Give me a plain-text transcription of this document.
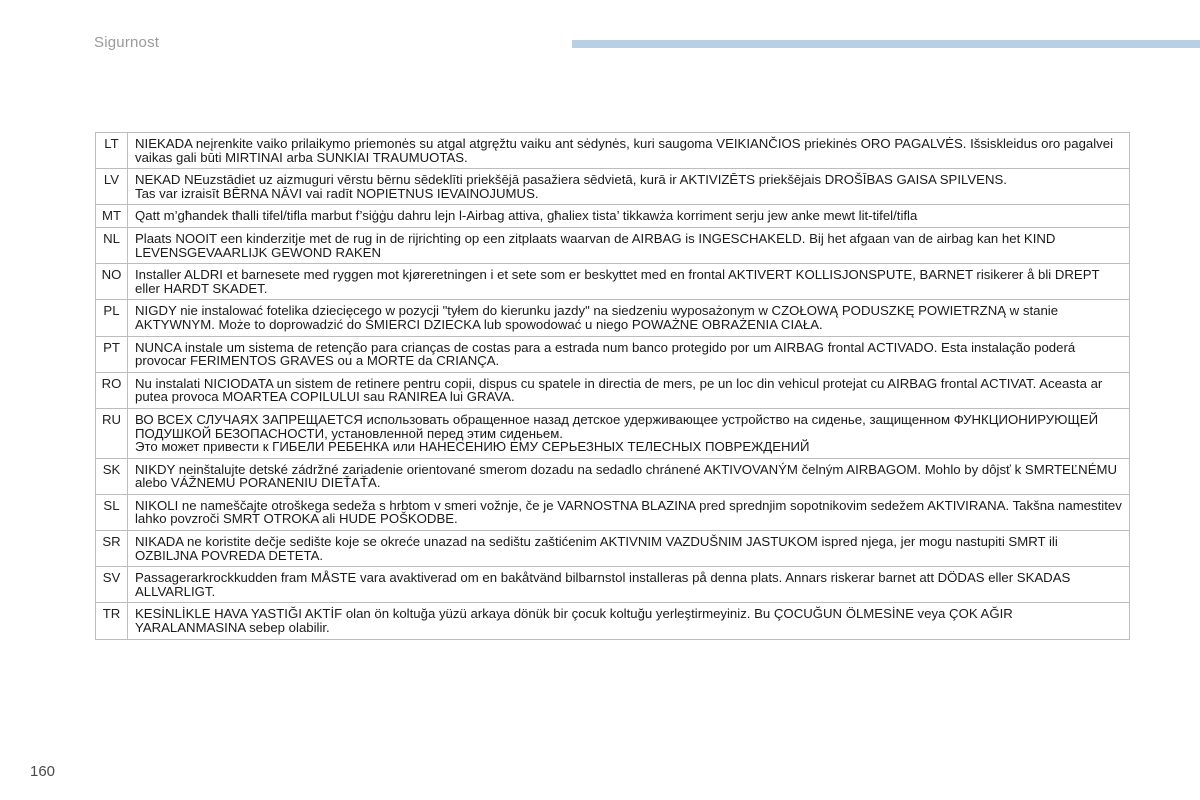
Sigurnost
LT	NIEKADA neįrenkite vaiko prilaikymo priemonės su atgal atgręžtu vaiku ant sėdynės, kuri saugoma VEIKIANČIOS priekinės ORO PAGALVĖS. Išsiskleidus oro pagalvei vaikas gali būti MIRTINAI arba SUNKIAI TRAUMUOTAS.
LV	NEKAD NEuzstādiet uz aizmuguri vērstu bērnu sēdeklīti priekšējā pasažiera sēdvietā, kurā ir AKTIVIZĒTS priekšējais DROŠĪBAS GAISA SPILVENS.
Tas var izraisīt BĒRNA NĀVI vai radīt NOPIETNUS IEVAINOJUMUS.
MT	Qatt m’għandek tħalli tifel/tifla marbut f’siġġu dahru lejn l-Airbag attiva, għaliex tista’ tikkawża korriment serju jew anke mewt lit-tifel/tifla
NL	Plaats NOOIT een kinderzitje met de rug in de rijrichting op een zitplaats waarvan de AIRBAG is INGESCHAKELD. Bij het afgaan van de airbag kan het KIND LEVENSGEVAARLIJK GEWOND RAKEN
NO	Installer ALDRI et barnesete med ryggen mot kjøreretningen i et sete som er beskyttet med en frontal AKTIVERT KOLLISJONSPUTE, BARNET risikerer å bli DREPT eller HARDT SKADET.
PL	NIGDY nie instalować fotelika dziecięcego w pozycji "tyłem do kierunku jazdy" na siedzeniu wyposażonym w CZOŁOWĄ PODUSZKĘ POWIETRZNĄ w stanie AKTYWNYM. Może to doprowadzić do ŚMIERCI DZIECKA lub spowodować u niego POWAŻNE OBRAŻENIA CIAŁA.
PT	NUNCA instale um sistema de retenção para crianças de costas para a estrada num banco protegido por um AIRBAG frontal ACTIVADO. Esta instalação poderá provocar FERIMENTOS GRAVES ou a MORTE da CRIANÇA.
RO	Nu instalati NICIODATA un sistem de retinere pentru copii, dispus cu spatele in directia de mers, pe un loc din vehicul protejat cu AIRBAG frontal ACTIVAT. Aceasta ar putea provoca MOARTEA COPILULUI sau RANIREA lui GRAVA.
RU	ВО ВСЕХ СЛУЧАЯХ ЗАПРЕЩАЕТСЯ использовать обращенное назад детское удерживающее устройство на сиденье, защищенном ФУНКЦИОНИРУЮЩЕЙ ПОДУШКОЙ БЕЗОПАСНОСТИ, установленной перед этим сиденьем.
Это может привести к ГИБЕЛИ РЕБЕНКА или НАНЕСЕНИЮ ЕМУ СЕРЬЕЗНЫХ ТЕЛЕСНЫХ ПОВРЕЖДЕНИЙ
SK	NIKDY neinštalujte detské zádržné zariadenie orientované smerom dozadu na sedadlo chránené AKTIVOVANÝM čelným AIRBAGOM. Mohlo by dôjsť k SMRTEĽNÉMU alebo VÁŽNEMU PORANENIU DIEŤAŤA.
SL	NIKOLI ne nameščajte otroškega sedeža s hrbtom v smeri vožnje, če je VARNOSTNA BLAZINA pred sprednjim sopotnikovim sedežem AKTIVIRANA. Takšna namestitev lahko povzroči SMRT OTROKA ali HUDE POŠKODBE.
SR	NIKADA ne koristite dečje sedište koje se okreće unazad na sedištu zaštićenim AKTIVNIM VAZDUŠNIM JASTUKOM ispred njega, jer mogu nastupiti SMRT ili OZBILJNA POVREDA DETETA.
SV	Passagerarkrockkudden fram MÅSTE vara avaktiverad om en bakåtvänd bilbarnstol installeras på denna plats. Annars riskerar barnet att DÖDAS eller SKADAS ALLVARLIGT.
TR	KESİNLİKLE HAVA YASTIĞI AKTİF olan ön koltuğa yüzü arkaya dönük bir çocuk koltuğu yerleştirmeyiniz. Bu ÇOCUĞUN ÖLMESİNE veya ÇOK AĞIR YARALANMASINA sebep olabilir.
160
